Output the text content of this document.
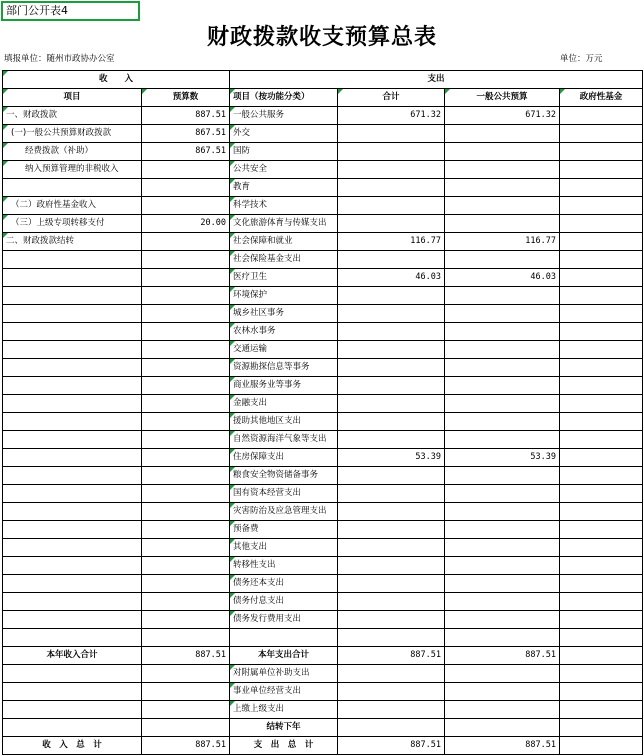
部门公开表4
财政拨款收支预算总表
填报单位：随州市政协办公室	单位：万元
收　　入		支出			
项目	预算数	项目（按功能分类）	合计	一般公共预算	政府性基金
一、财政拨款	887.51	一般公共服务	671.32	671.32	
(一)一般公共预算财政拨款	867.51	外交			
经费拨款（补助）	867.51	国防			
纳入预算管理的非税收入		公共安全			
		教育			
（二）政府性基金收入		科学技术			
（三）上级专项转移支付	20.00	文化旅游体育与传媒支出			
二、财政拨款结转		社会保障和就业	116.77	116.77	
		社会保险基金支出			
		医疗卫生	46.03	46.03	
		环境保护			
		城乡社区事务			
		农林水事务			
		交通运输			
		资源勘探信息等事务			
		商业服务业等事务			
		金融支出			
		援助其他地区支出			
		自然资源海洋气象等支出			
		住房保障支出	53.39	53.39	
		粮食安全物资储备事务			
		国有资本经营支出			
		灾害防治及应急管理支出			
		预备费			
		其他支出			
		转移性支出			
		债务还本支出			
		债务付息支出			
		债务发行费用支出			

本年收入合计	887.51	本年支出合计	887.51	887.51	
		对附属单位补助支出			
		事业单位经营支出			
		上缴上级支出			
		结转下年			
收　入　总　计	887.51	支　出　总　计	887.51	887.51	
